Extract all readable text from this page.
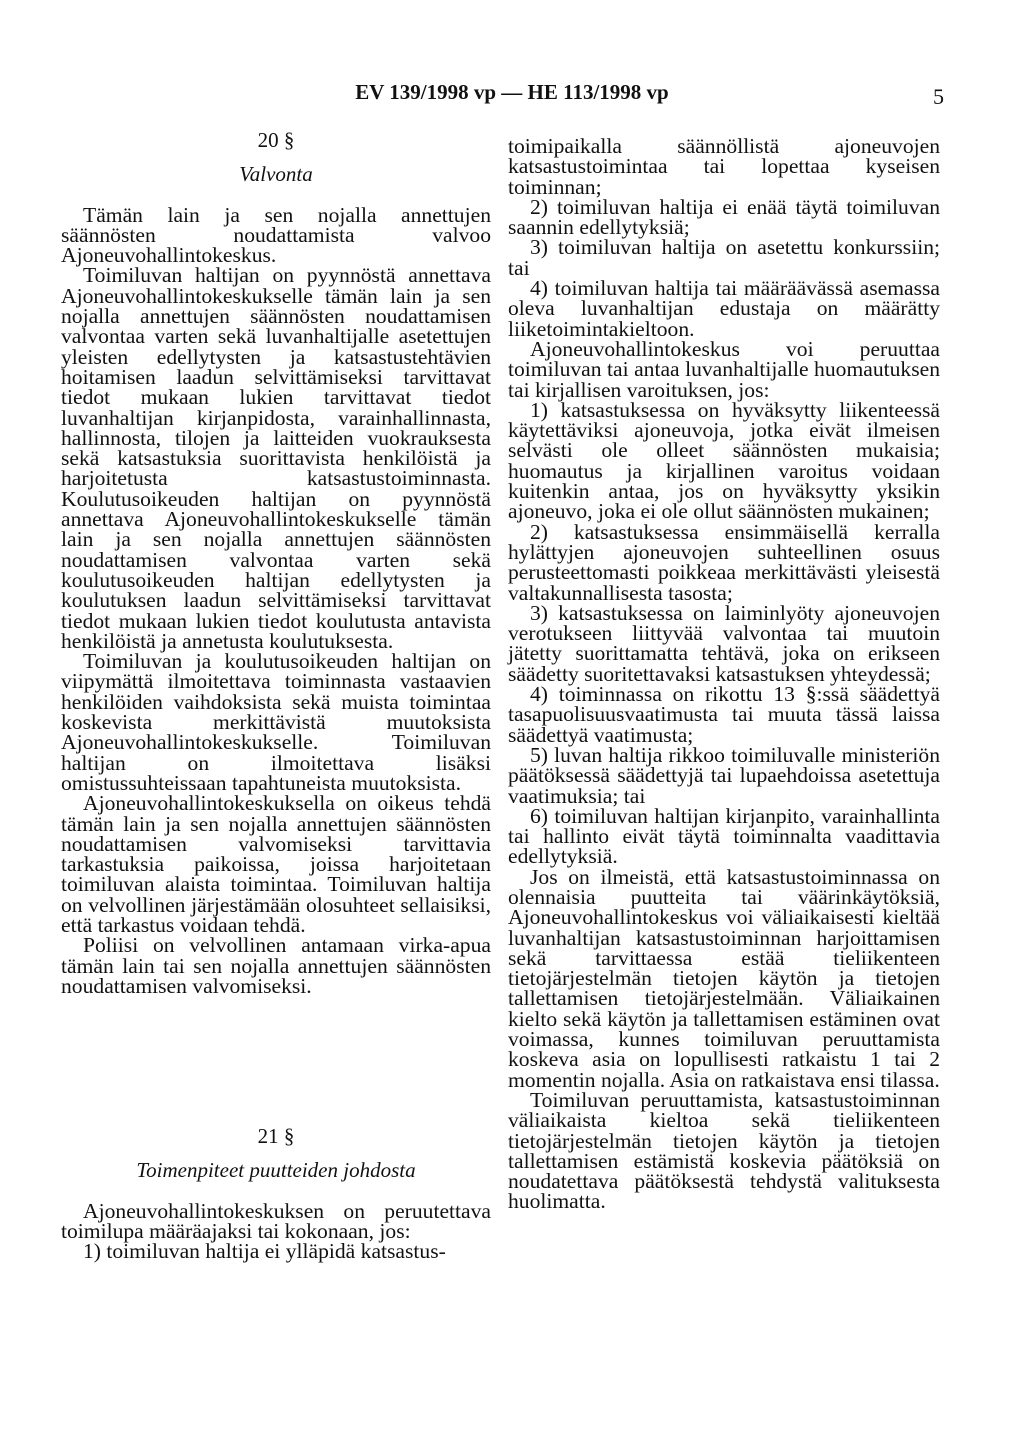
EV 139/1998 vp — HE 113/1998 vp	5
20 §
Valvonta

Tämän lain ja sen nojalla annettujen säännösten noudattamista valvoo Ajoneuvohallintokeskus.

Toimiluvan haltijan on pyynnöstä annettava Ajoneuvohallintokeskukselle tämän lain ja sen nojalla annettujen säännösten noudattamisen valvontaa varten sekä luvanhaltijalle asetettujen yleisten edellytysten ja katsastustehtävien hoitamisen laadun selvittämiseksi tarvittavat tiedot mukaan lukien tarvittavat tiedot luvanhaltijan kirjanpidosta, varainhallinnasta, hallinnosta, tilojen ja laitteiden vuokrauksesta sekä katsastuksia suorittavista henkilöistä ja harjoitetusta katsastustoiminnasta. Koulutusoikeuden haltijan on pyynnöstä annettava Ajoneuvohallintokeskukselle tämän lain ja sen nojalla annettujen säännösten noudattamisen valvontaa varten sekä koulutusoikeuden haltijan edellytysten ja koulutuksen laadun selvittämiseksi tarvittavat tiedot mukaan lukien tiedot koulutusta antavista henkilöistä ja annetusta koulutuksesta.

Toimiluvan ja koulutusoikeuden haltijan on viipymättä ilmoitettava toiminnasta vastaavien henkilöiden vaihdoksista sekä muista toimintaa koskevista merkittävistä muutoksista Ajoneuvohallintokeskukselle. Toimiluvan haltijan on ilmoitettava lisäksi omistussuhteissaan tapahtuneista muutoksista.

Ajoneuvohallintokeskuksella on oikeus tehdä tämän lain ja sen nojalla annettujen säännösten noudattamisen valvomiseksi tarvittavia tarkastuksia paikoissa, joissa harjoitetaan toimiluvan alaista toimintaa. Toimiluvan haltija on velvollinen järjestämään olosuhteet sellaisiksi, että tarkastus voidaan tehdä.

Poliisi on velvollinen antamaan virka-apua tämän lain tai sen nojalla annettujen säännösten noudattamisen valvomiseksi.

21 §
Toimenpiteet puutteiden johdosta

Ajoneuvohallintokeskuksen on peruutettava toimilupa määräajaksi tai kokonaan, jos:

1) toimiluvan haltija ei ylläpidä katsastus-

toimipaikalla säännöllistä ajoneuvojen katsastustoimintaa tai lopettaa kyseisen toiminnan;

2) toimiluvan haltija ei enää täytä toimiluvan saannin edellytyksiä;

3) toimiluvan haltija on asetettu konkurssiin; tai

4) toimiluvan haltija tai määräävässä asemassa oleva luvanhaltijan edustaja on määrätty liiketoimintakieltoon.

Ajoneuvohallintokeskus voi peruuttaa toimiluvan tai antaa luvanhaltijalle huomautuksen tai kirjallisen varoituksen, jos:

1) katsastuksessa on hyväksytty liikenteessä käytettäviksi ajoneuvoja, jotka eivät ilmeisen selvästi ole olleet säännösten mukaisia; huomautus ja kirjallinen varoitus voidaan kuitenkin antaa, jos on hyväksytty yksikin ajoneuvo, joka ei ole ollut säännösten mukainen;

2) katsastuksessa ensimmäisellä kerralla hylättyjen ajoneuvojen suhteellinen osuus perusteettomasti poikkeaa merkittävästi yleisestä valtakunnallisesta tasosta;

3) katsastuksessa on laiminlyöty ajoneuvojen verotukseen liittyvää valvontaa tai muutoin jätetty suorittamatta tehtävä, joka on erikseen säädetty suoritettavaksi katsastuksen yhteydessä;

4) toiminnassa on rikottu 13 §:ssä säädettyä tasapuolisuusvaatimusta tai muuta tässä laissa säädettyä vaatimusta;

5) luvan haltija rikkoo toimiluvalle ministeriön päätöksessä säädettyjä tai lupaehdoissa asetettuja vaatimuksia; tai

6) toimiluvan haltijan kirjanpito, varainhallinta tai hallinto eivät täytä toiminnalta vaadittavia edellytyksiä.

Jos on ilmeistä, että katsastustoiminnassa on olennaisia puutteita tai väärinkäytöksiä, Ajoneuvohallintokeskus voi väliaikaisesti kieltää luvanhaltijan katsastustoiminnan harjoittamisen sekä tarvittaessa estää tieliikenteen tietojärjestelmän tietojen käytön ja tietojen tallettamisen tietojärjestelmään. Väliaikainen kielto sekä käytön ja tallettamisen estäminen ovat voimassa, kunnes toimiluvan peruuttamista koskeva asia on lopullisesti ratkaistu 1 tai 2 momentin nojalla. Asia on ratkaistava ensi tilassa.

Toimiluvan peruuttamista, katsastustoiminnan väliaikaista kieltoa sekä tieliikenteen tietojärjestelmän tietojen käytön ja tietojen tallettamisen estämistä koskevia päätöksiä on noudatettava päätöksestä tehdystä valituksesta huolimatta.
